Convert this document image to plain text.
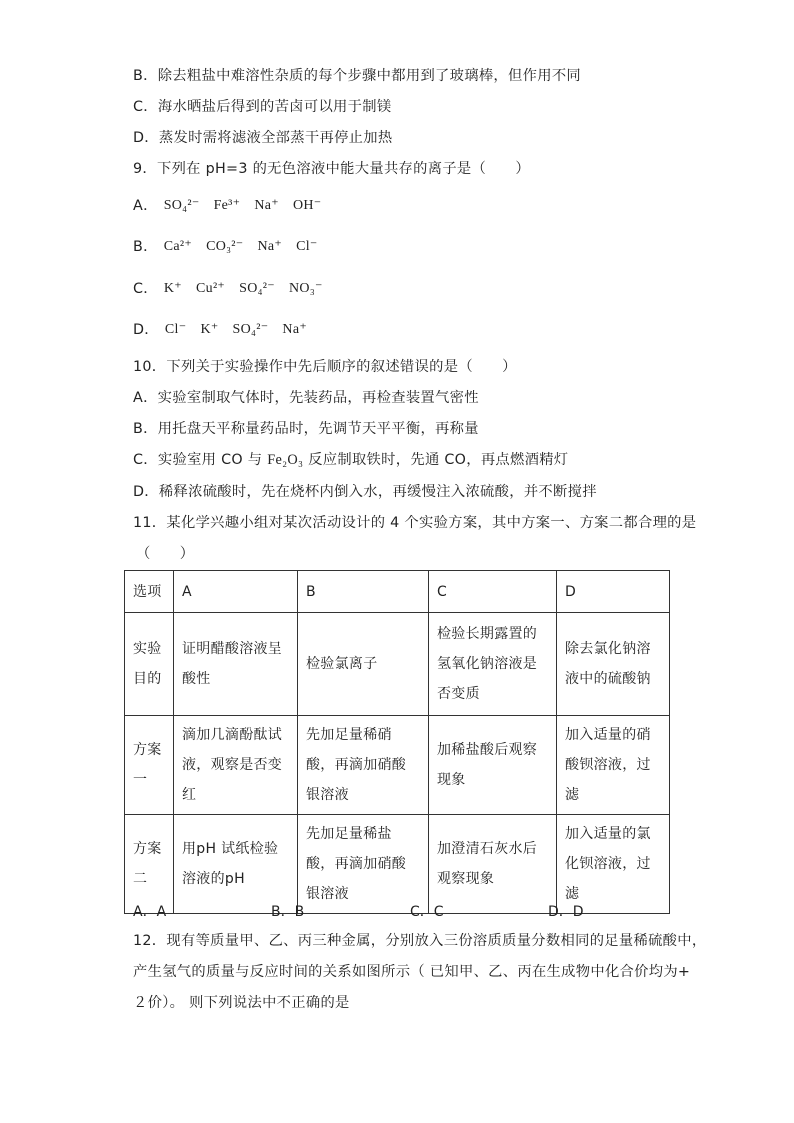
B．除去粗盐中难溶性杂质的每个步骤中都用到了玻璃棒，但作用不同
C．海水晒盐后得到的苦卤可以用于制镁
D．蒸发时需将滤液全部蒸干再停止加热
9．下列在 pH=3 的无色溶液中能大量共存的离子是（　　）
A． SO₄²⁻ Fe³⁺ Na⁺ OH⁻
B． Ca²⁺ CO₃²⁻ Na⁺ Cl⁻
C． K⁺ Cu²⁺ SO₄²⁻ NO₃⁻
D． Cl⁻ K⁺ SO₄²⁻ Na⁺
10．下列关于实验操作中先后顺序的叙述错误的是（　　）
A．实验室制取气体时，先装药品，再检查装置气密性
B．用托盘天平称量药品时，先调节天平平衡，再称量
C．实验室用 CO 与 Fe₂O₃ 反应制取铁时，先通 CO，再点燃酒精灯
D．稀释浓硫酸时，先在烧杯内倒入水，再缓慢注入浓硫酸，并不断搅拌
11．某化学兴趣小组对某次活动设计的 4 个实验方案，其中方案一、方案二都合理的是
（　　）
选项	A	B	C	D
实验目的	证明醋酸溶液呈酸性	检验氯离子	检验长期露置的氢氧化钠溶液是否变质	除去氯化钠溶液中的硫酸钠
方案一	滴加几滴酚酞试液，观察是否变红	先加足量稀硝酸，再滴加硝酸银溶液	加稀盐酸后观察现象	加入适量的硝酸钡溶液，过滤
方案二	用pH 试纸检验溶液的pH	先加足量稀盐酸，再滴加硝酸银溶液	加澄清石灰水后观察现象	加入适量的氯化钡溶液，过滤
A．A	B．B	C．C	D．D
12．现有等质量甲、乙、丙三种金属，分别放入三份溶质质量分数相同的足量稀硫酸中，
产生氢气的质量与反应时间的关系如图所示（ 已知甲、乙、丙在生成物中化合价均为+
２价）。 则下列说法中不正确的是
